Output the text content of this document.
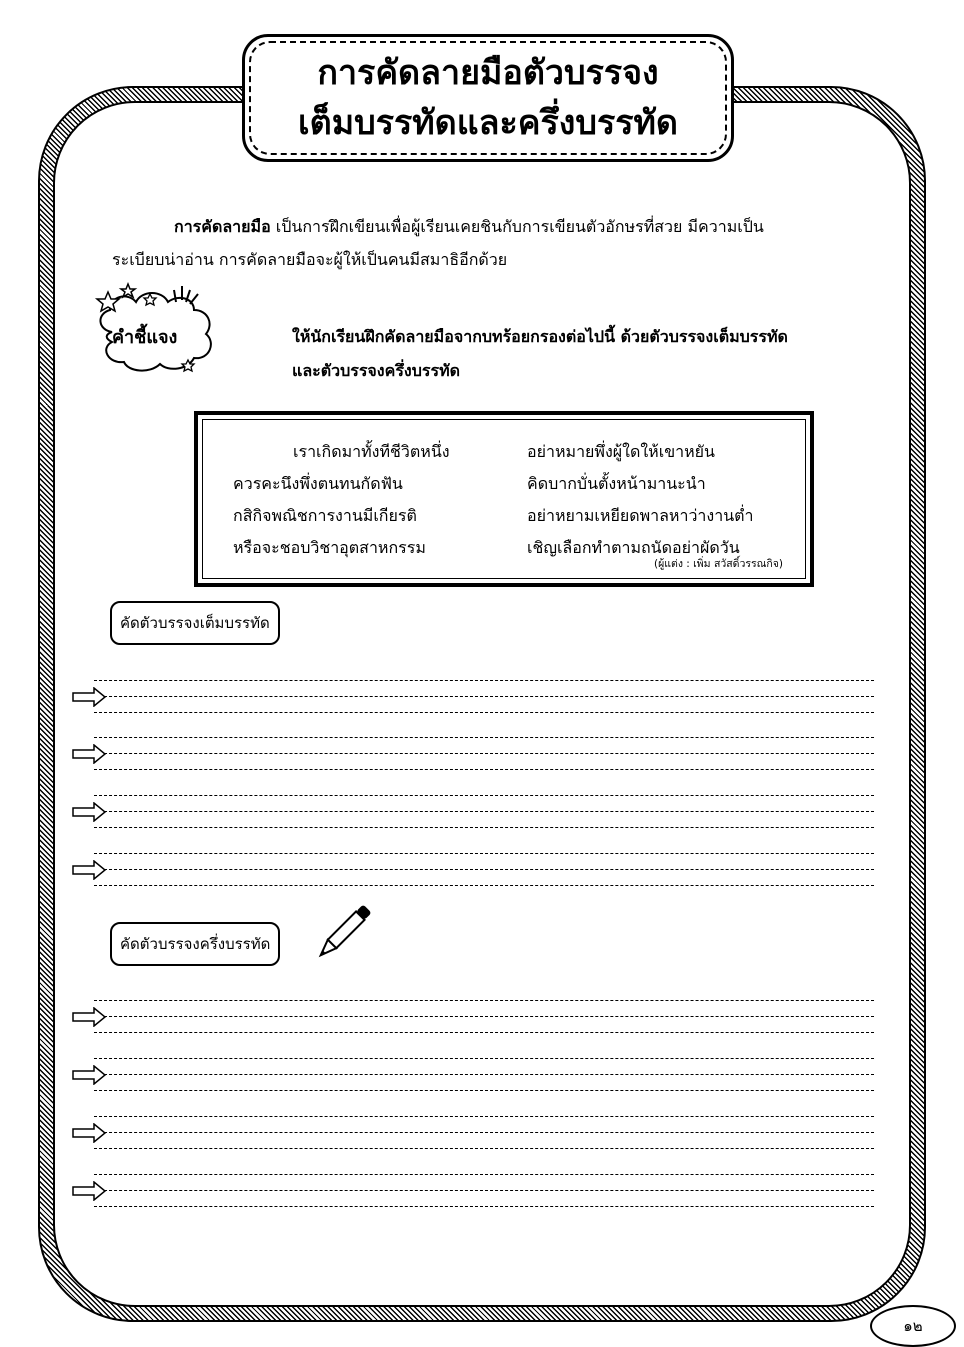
การคัดลายมือตัวบรรจง
เต็มบรรทัดและครึ่งบรรทัด
การคัดลายมือ เป็นการฝึกเขียนเพื่อผู้เรียนเคยชินกับการเขียนตัวอักษรที่สวย มีความเป็น
ระเบียบน่าอ่าน การคัดลายมือจะผู้ให้เป็นคนมีสมาธิอีกด้วย
คำชี้แจง	ให้นักเรียนฝึกคัดลายมือจากบทร้อยกรองต่อไปนี้ ด้วยตัวบรรจงเต็มบรรทัด
และตัวบรรจงครึ่งบรรทัด
เราเกิดมาทั้งทีชีวิตหนึ่ง	อย่าหมายพึ่งผู้ใดให้เขาหยัน
ควรคะนึงพึ่งตนทนกัดฟัน	คิดบากบั่นตั้งหน้ามานะนำ
กสิกิจพณิชการงานมีเกียรติ	อย่าหยามเหยียดพาลหาว่างานต่ำ
หรือจะชอบวิชาอุตสาหกรรม	เชิญเลือกทำตามถนัดอย่าผัดวัน
(ผู้แต่ง : เพิ่ม สวัสดิ์วรรณกิจ)
คัดตัวบรรจงเต็มบรรทัด
คัดตัวบรรจงครึ่งบรรทัด
๑๒
